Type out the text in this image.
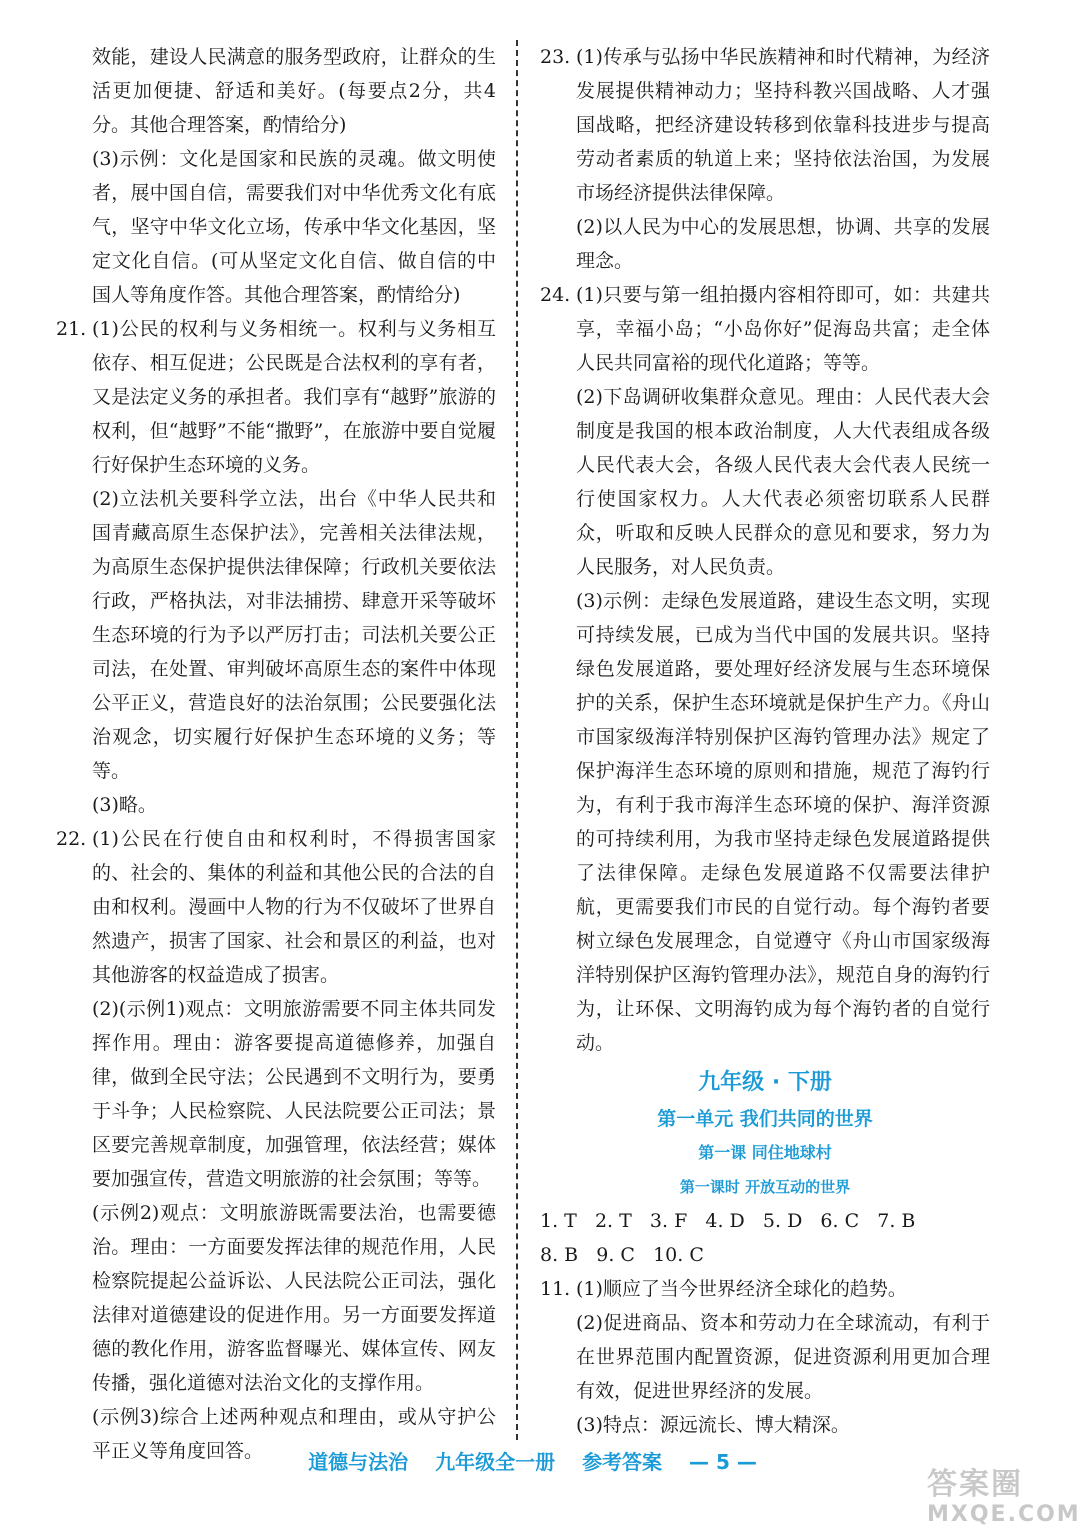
效能，建设人民满意的服务型政府，让群众的生活更加便捷、舒适和美好。(每要点2分，共4分。其他合理答案，酌情给分)

(3)示例：文化是国家和民族的灵魂。做文明使者，展中国自信，需要我们对中华优秀文化有底气，坚守中华文化立场，传承中华文化基因，坚定文化自信。(可从坚定文化自信、做自信的中国人等角度作答。其他合理答案，酌情给分)

21. (1)公民的权利与义务相统一。权利与义务相互依存、相互促进；公民既是合法权利的享有者，又是法定义务的承担者。我们享有“越野”旅游的权利，但“越野”不能“撒野”，在旅游中要自觉履行好保护生态环境的义务。

(2)立法机关要科学立法，出台《中华人民共和国青藏高原生态保护法》，完善相关法律法规，为高原生态保护提供法律保障；行政机关要依法行政，严格执法，对非法捕捞、肆意开采等破坏生态环境的行为予以严厉打击；司法机关要公正司法，在处置、审判破坏高原生态的案件中体现公平正义，营造良好的法治氛围；公民要强化法治观念，切实履行好保护生态环境的义务；等等。

(3)略。

22. (1)公民在行使自由和权利时，不得损害国家的、社会的、集体的利益和其他公民的合法的自由和权利。漫画中人物的行为不仅破坏了世界自然遗产，损害了国家、社会和景区的利益，也对其他游客的权益造成了损害。

(2)(示例1)观点：文明旅游需要不同主体共同发挥作用。理由：游客要提高道德修养，加强自律，做到全民守法；公民遇到不文明行为，要勇于斗争；人民检察院、人民法院要公正司法；景区要完善规章制度，加强管理，依法经营；媒体要加强宣传，营造文明旅游的社会氛围；等等。

(示例2)观点：文明旅游既需要法治，也需要德治。理由：一方面要发挥法律的规范作用，人民检察院提起公益诉讼、人民法院公正司法，强化法律对道德建设的促进作用。另一方面要发挥道德的教化作用，游客监督曝光、媒体宣传、网友传播，强化道德对法治文化的支撑作用。

(示例3)综合上述两种观点和理由，或从守护公平正义等角度回答。

23. (1)传承与弘扬中华民族精神和时代精神，为经济发展提供精神动力；坚持科教兴国战略、人才强国战略，把经济建设转移到依靠科技进步与提高劳动者素质的轨道上来；坚持依法治国，为发展市场经济提供法律保障。

(2)以人民为中心的发展思想，协调、共享的发展理念。

24. (1)只要与第一组拍摄内容相符即可，如：共建共享，幸福小岛；“小岛你好”促海岛共富；走全体人民共同富裕的现代化道路；等等。

(2)下岛调研收集群众意见。理由：人民代表大会制度是我国的根本政治制度，人大代表组成各级人民代表大会，各级人民代表大会代表人民统一行使国家权力。人大代表必须密切联系人民群众，听取和反映人民群众的意见和要求，努力为人民服务，对人民负责。

(3)示例：走绿色发展道路，建设生态文明，实现可持续发展，已成为当代中国的发展共识。坚持绿色发展道路，要处理好经济发展与生态环境保护的关系，保护生态环境就是保护生产力。《舟山市国家级海洋特别保护区海钓管理办法》规定了保护海洋生态环境的原则和措施，规范了海钓行为，有利于我市海洋生态环境的保护、海洋资源的可持续利用，为我市坚持走绿色发展道路提供了法律保障。走绿色发展道路不仅需要法律护航，更需要我们市民的自觉行动。每个海钓者要树立绿色发展理念，自觉遵守《舟山市国家级海洋特别保护区海钓管理办法》，规范自身的海钓行为，让环保、文明海钓成为每个海钓者的自觉行动。

九年级 · 下册

第一单元 我们共同的世界

第一课 同住地球村

第一课时 开放互动的世界

1. T   2. T   3. F   4. D   5. D   6. C   7. B

8. B   9. C   10. C

11. (1)顺应了当今世界经济全球化的趋势。

(2)促进商品、资本和劳动力在全球流动，有利于在世界范围内配置资源，促进资源利用更加合理有效，促进世界经济的发展。

(3)特点：源远流长、博大精深。

道德与法治 九年级全一册 参考答案 — 5 —
答案圈
MXQE.COM
